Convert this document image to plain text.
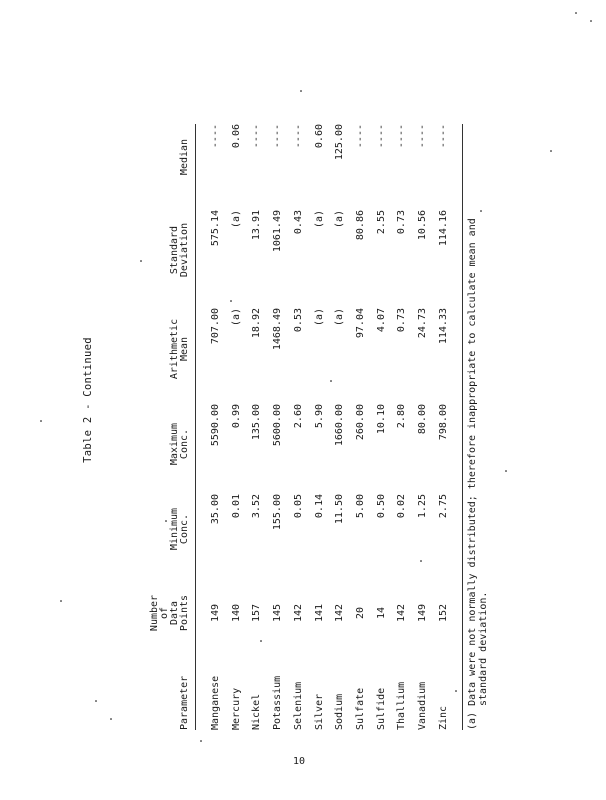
Table 2 - Continued
Parameter
Number of Data Points
Minimum Conc.
Maximum Conc.
Arithmetic Mean
Standard Deviation
Median
Manganese
149
35.00
5590.00
707.00
575.14
----
Mercury
140
0.01
0.99
(a)
(a)
0.06
Nickel
157
3.52
135.00
18.92
13.91
----
Potassium
145
155.00
5600.00
1468.49
1061.49
----
Selenium
142
0.05
2.60
0.53
0.43
----
Silver
141
0.14
5.90
(a)
(a)
0.60
Sodium
142
11.50
1660.00
(a)
(a)
125.00
Sulfate
20
5.00
260.00
97.04
80.86
----
Sulfide
14
0.50
10.10
4.07
2.55
----
Thallium
142
0.02
2.80
0.73
0.73
----
Vanadium
149
1.25
80.00
24.73
10.56
----
Zinc
152
2.75
798.00
114.33
114.16
----
(a) Data were not normally distributed; therefore inappropriate to calculate mean and standard deviation.
10
